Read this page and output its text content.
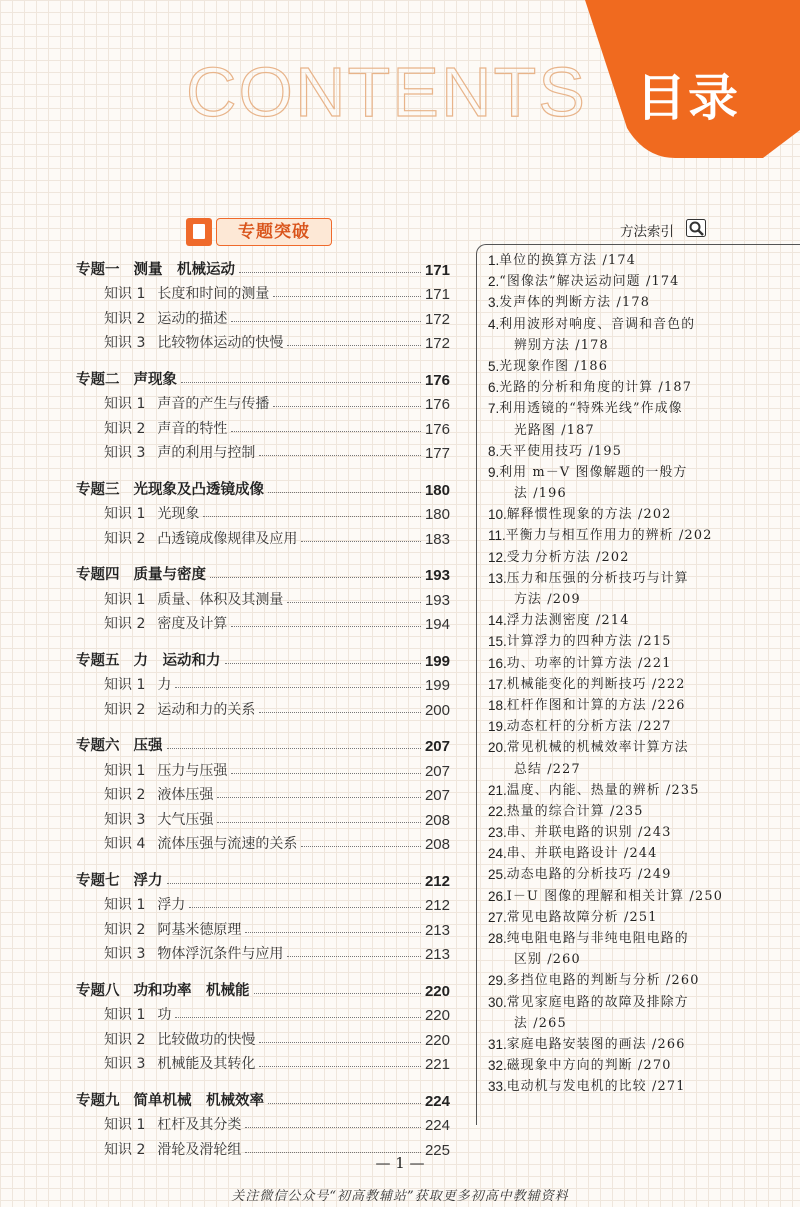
CONTENTS 目录
专题突破
专题一 测量　机械运动	171
知识 1 长度和时间的测量	171
知识 2 运动的描述	172
知识 3 比较物体运动的快慢	172
专题二 声现象	176
知识 1 声音的产生与传播	176
知识 2 声音的特性	176
知识 3 声的利用与控制	177
专题三 光现象及凸透镜成像	180
知识 1 光现象	180
知识 2 凸透镜成像规律及应用	183
专题四 质量与密度	193
知识 1 质量、体积及其测量	193
知识 2 密度及计算	194
专题五 力　运动和力	199
知识 1 力	199
知识 2 运动和力的关系	200
专题六 压强	207
知识 1 压力与压强	207
知识 2 液体压强	207
知识 3 大气压强	208
知识 4 流体压强与流速的关系	208
专题七 浮力	212
知识 1 浮力	212
知识 2 阿基米德原理	213
知识 3 物体浮沉条件与应用	213
专题八 功和功率　机械能	220
知识 1 功	220
知识 2 比较做功的快慢	220
知识 3 机械能及其转化	221
专题九 简单机械　机械效率	224
知识 1 杠杆及其分类	224
知识 2 滑轮及滑轮组	225
方法索引
1. 单位的换算方法 /174
2. “图像法”解决运动问题 /174
3. 发声体的判断方法 /178
4. 利用波形对响度、音调和音色的
辨别方法 /178
5. 光现象作图 /186
6. 光路的分析和角度的计算 /187
7. 利用透镜的“特殊光线”作成像
光路图 /187
8. 天平使用技巧 /195
9. 利用 m－V 图像解题的一般方
法 /196
10. 解释惯性现象的方法 /202
11. 平衡力与相互作用力的辨析 /202
12. 受力分析方法 /202
13. 压力和压强的分析技巧与计算
方法 /209
14. 浮力法测密度 /214
15. 计算浮力的四种方法 /215
16. 功、功率的计算方法 /221
17. 机械能变化的判断技巧 /222
18. 杠杆作图和计算的方法 /226
19. 动态杠杆的分析方法 /227
20. 常见机械的机械效率计算方法
总结 /227
21. 温度、内能、热量的辨析 /235
22. 热量的综合计算 /235
23. 串、并联电路的识别 /243
24. 串、并联电路设计 /244
25. 动态电路的分析技巧 /249
26. I－U 图像的理解和相关计算 /250
27. 常见电路故障分析 /251
28. 纯电阻电路与非纯电阻电路的
区别 /260
29. 多挡位电路的判断与分析 /260
30. 常见家庭电路的故障及排除方
法 /265
31. 家庭电路安装图的画法 /266
32. 磁现象中方向的判断 /270
33. 电动机与发电机的比较 /271
— 1 —
关注微信公众号“初高教辅站”获取更多初高中教辅资料
